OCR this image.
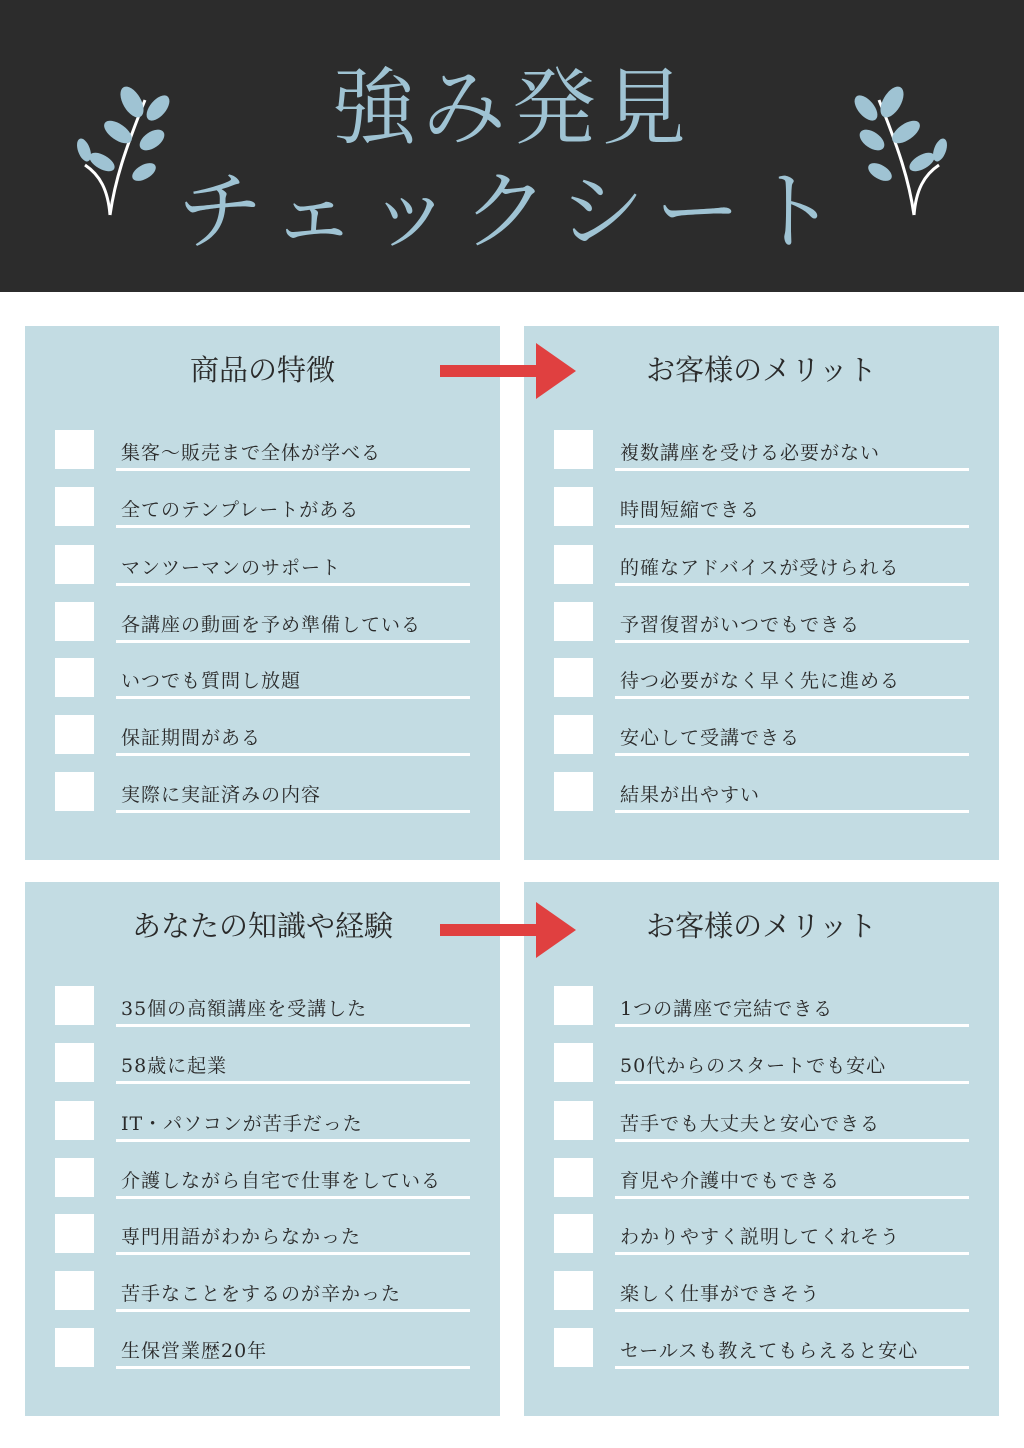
強み発見
チェックシート
商品の特徴
集客～販売まで全体が学べる
全てのテンプレートがある
マンツーマンのサポート
各講座の動画を予め準備している
いつでも質問し放題
保証期間がある
実際に実証済みの内容
お客様のメリット
複数講座を受ける必要がない
時間短縮できる
的確なアドバイスが受けられる
予習復習がいつでもできる
待つ必要がなく早く先に進める
安心して受講できる
結果が出やすい
あなたの知識や経験
35個の高額講座を受講した
58歳に起業
IT・パソコンが苦手だった
介護しながら自宅で仕事をしている
専門用語がわからなかった
苦手なことをするのが辛かった
生保営業歴20年
お客様のメリット
1つの講座で完結できる
50代からのスタートでも安心
苦手でも大丈夫と安心できる
育児や介護中でもできる
わかりやすく説明してくれそう
楽しく仕事ができそう
セールスも教えてもらえると安心
